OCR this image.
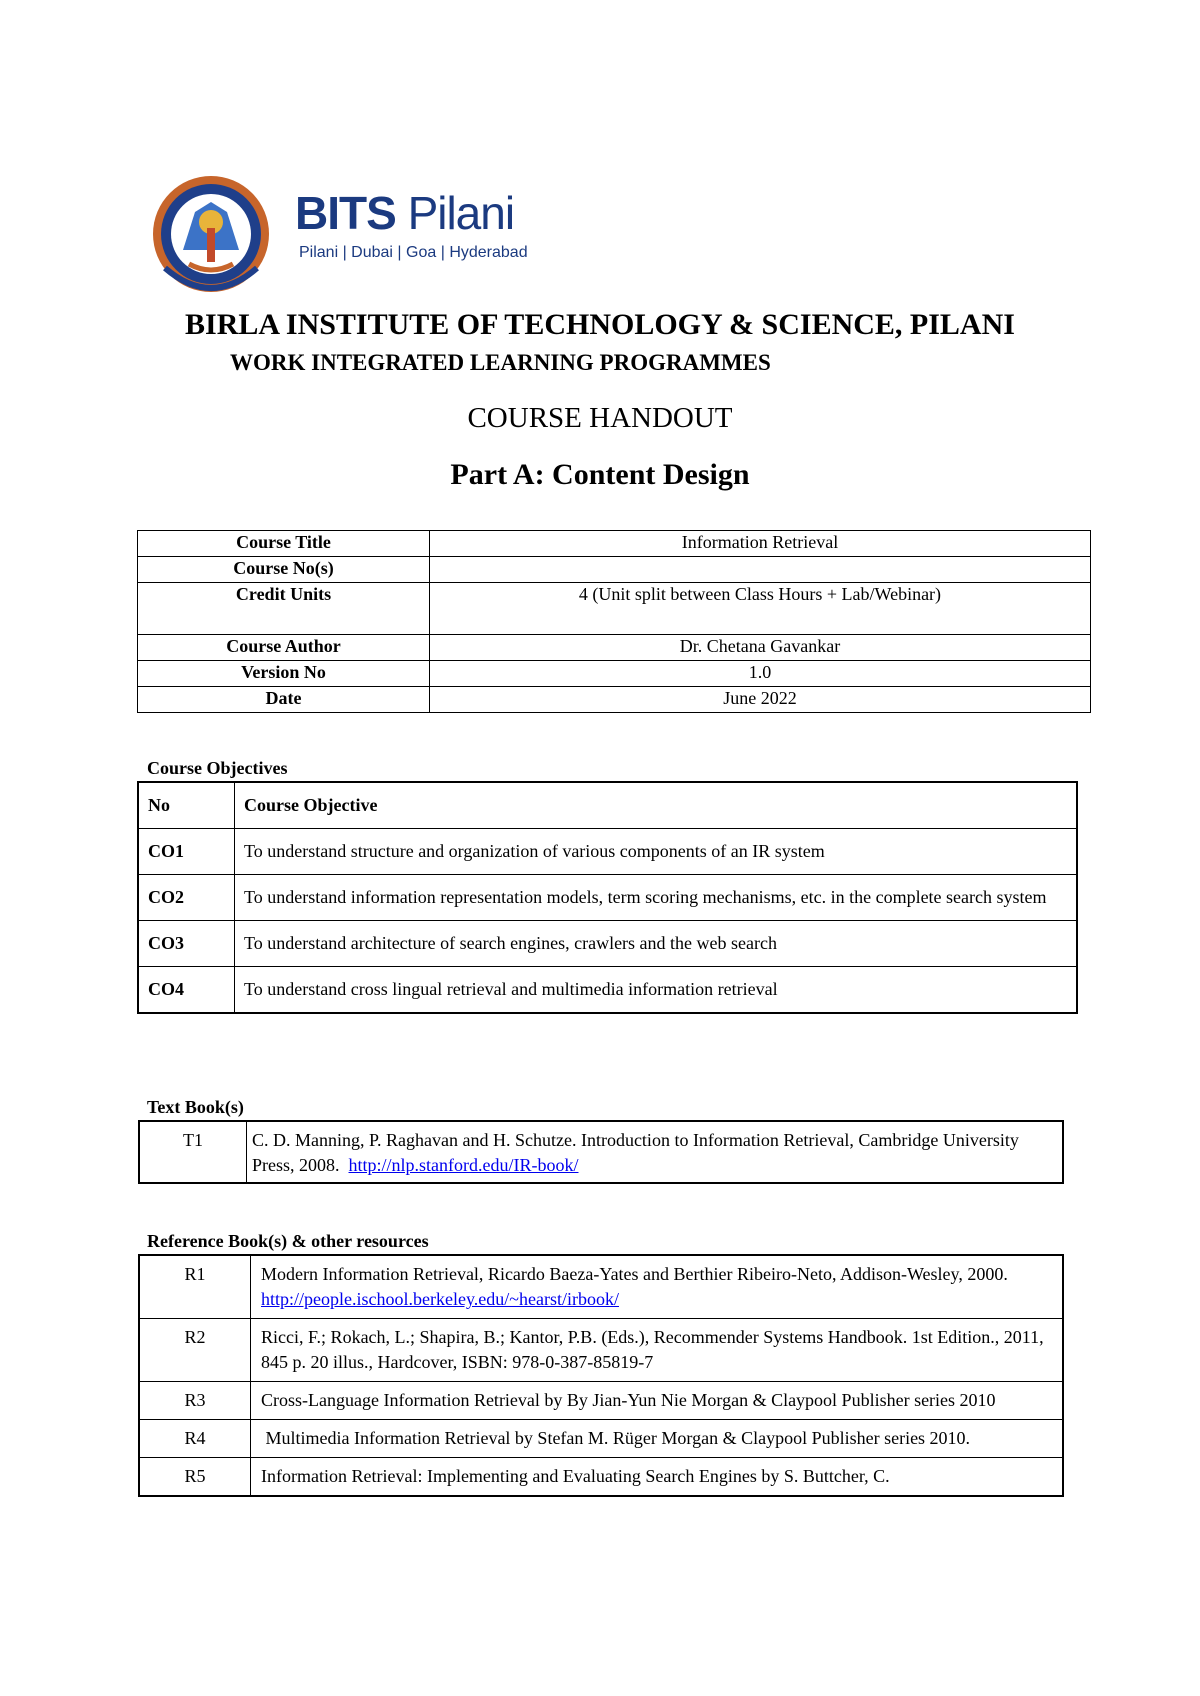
BITS Pilani
Pilani | Dubai | Goa | Hyderabad
BIRLA INSTITUTE OF TECHNOLOGY & SCIENCE, PILANI
WORK INTEGRATED LEARNING PROGRAMMES
COURSE HANDOUT
Part A: Content Design
Course Title	Information Retrieval
Course No(s)	
Credit Units	4 (Unit split between Class Hours + Lab/Webinar)
Course Author	Dr. Chetana Gavankar
Version No	1.0
Date	June 2022
Course Objectives
No	Course Objective
CO1	To understand structure and organization of various components of an IR system
CO2	To understand information representation models, term scoring mechanisms, etc. in the complete search system
CO3	To understand architecture of search engines, crawlers and the web search
CO4	To understand cross lingual retrieval and multimedia information retrieval
Text Book(s)
T1	C. D. Manning, P. Raghavan and H. Schutze. Introduction to Information Retrieval, Cambridge University Press, 2008. http://nlp.stanford.edu/IR-book/
Reference Book(s) & other resources
R1	Modern Information Retrieval, Ricardo Baeza-Yates and Berthier Ribeiro-Neto, Addison-Wesley, 2000. http://people.ischool.berkeley.edu/~hearst/irbook/
R2	Ricci, F.; Rokach, L.; Shapira, B.; Kantor, P.B. (Eds.), Recommender Systems Handbook. 1st Edition., 2011, 845 p. 20 illus., Hardcover, ISBN: 978-0-387-85819-7
R3	Cross-Language Information Retrieval by By Jian-Yun Nie Morgan & Claypool Publisher series 2010
R4	Multimedia Information Retrieval by Stefan M. Rüger Morgan & Claypool Publisher series 2010.
R5	Information Retrieval: Implementing and Evaluating Search Engines by S. Buttcher, C.
